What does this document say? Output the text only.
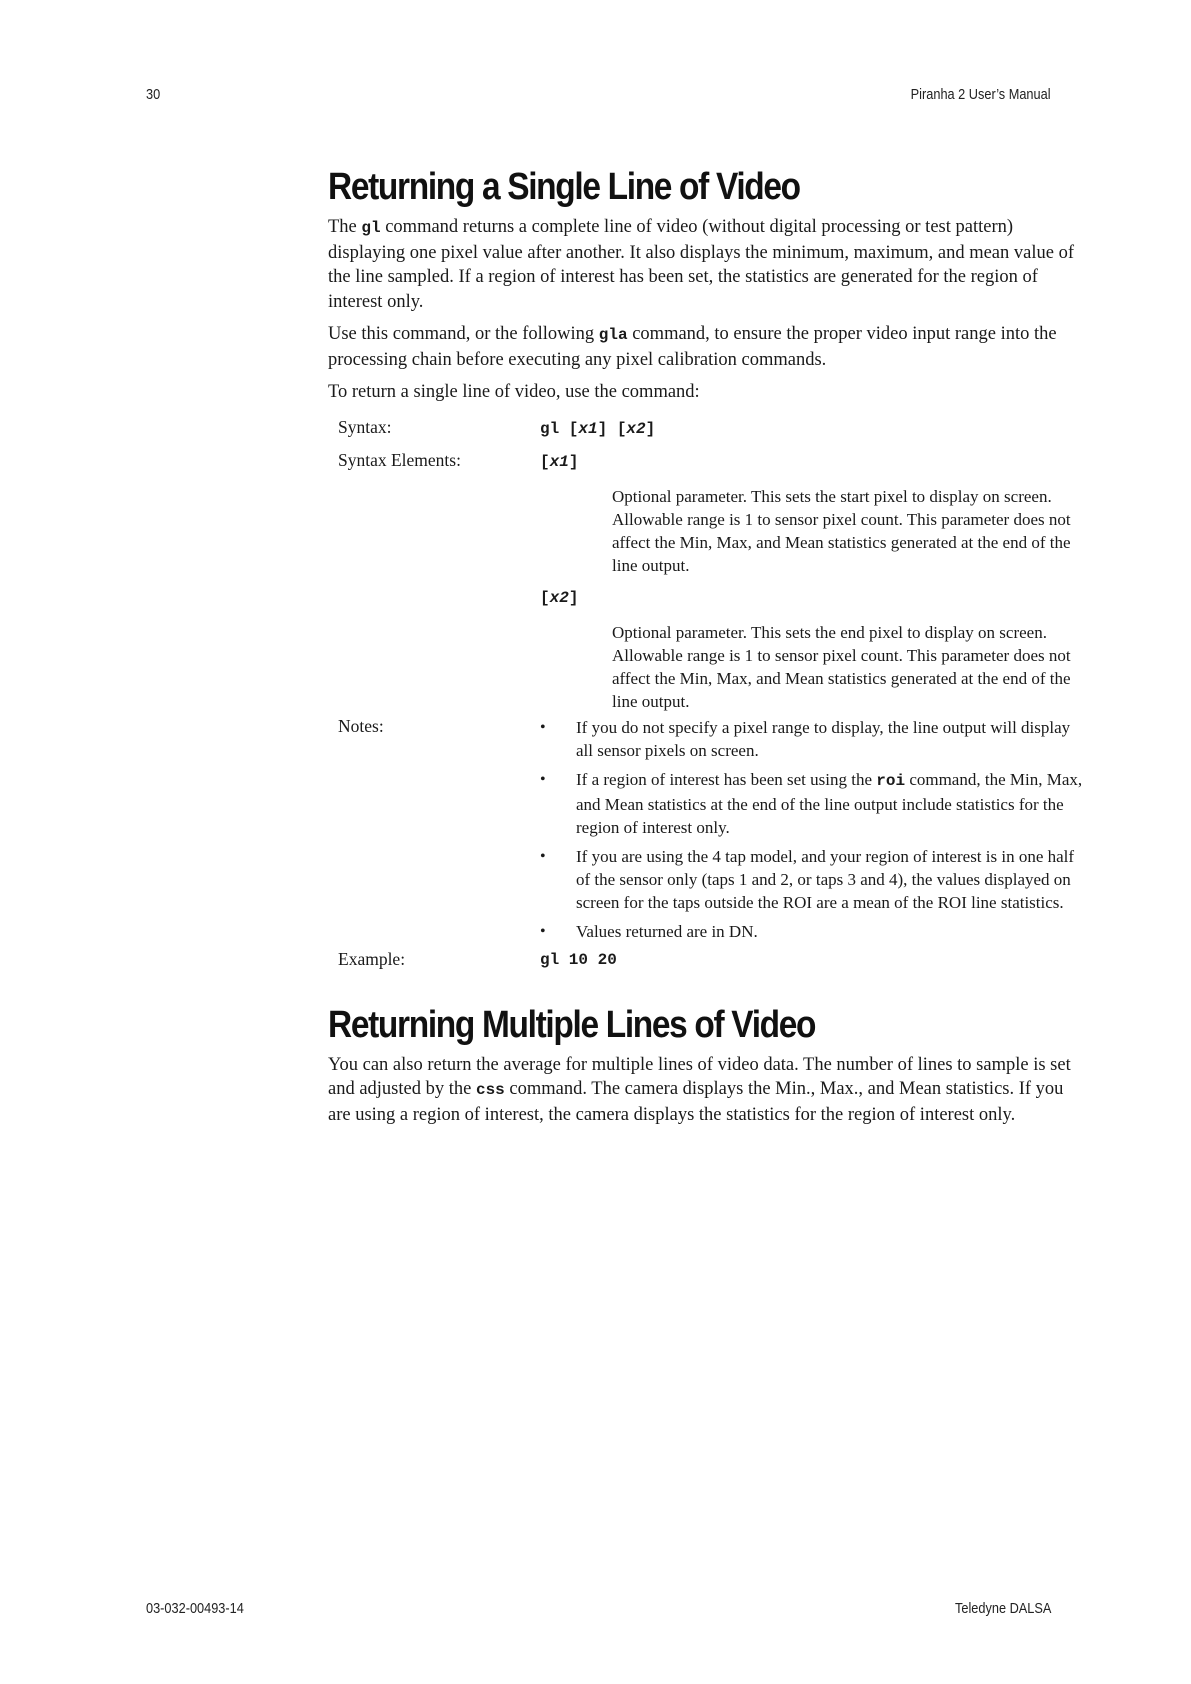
30	Piranha 2 User’s Manual
Returning a Single Line of Video

The gl command returns a complete line of video (without digital processing or test pattern) displaying one pixel value after another. It also displays the minimum, maximum, and mean value of the line sampled. If a region of interest has been set, the statistics are generated for the region of interest only.

Use this command, or the following gla command, to ensure the proper video input range into the processing chain before executing any pixel calibration commands.

To return a single line of video, use the command:

Syntax:	gl [x1] [x2]
Syntax Elements:	[x1]
Optional parameter. This sets the start pixel to display on screen. Allowable range is 1 to sensor pixel count. This parameter does not affect the Min, Max, and Mean statistics generated at the end of the line output.
[x2]
Optional parameter. This sets the end pixel to display on screen. Allowable range is 1 to sensor pixel count. This parameter does not affect the Min, Max, and Mean statistics generated at the end of the line output.
Notes:
•	If you do not specify a pixel range to display, the line output will display all sensor pixels on screen.
• If a region of interest has been set using the roi command, the Min, Max, and Mean statistics at the end of the line output include statistics for the region of interest only.
• If you are using the 4 tap model, and your region of interest is in one half of the sensor only (taps 1 and 2, or taps 3 and 4), the values displayed on screen for the taps outside the ROI are a mean of the ROI line statistics.
• Values returned are in DN.
Example:	gl 10 20
Returning Multiple Lines of Video

You can also return the average for multiple lines of video data. The number of lines to sample is set and adjusted by the css command. The camera displays the Min., Max., and Mean statistics. If you are using a region of interest, the camera displays the statistics for the region of interest only.

03-032-00493-14	Teledyne DALSA
